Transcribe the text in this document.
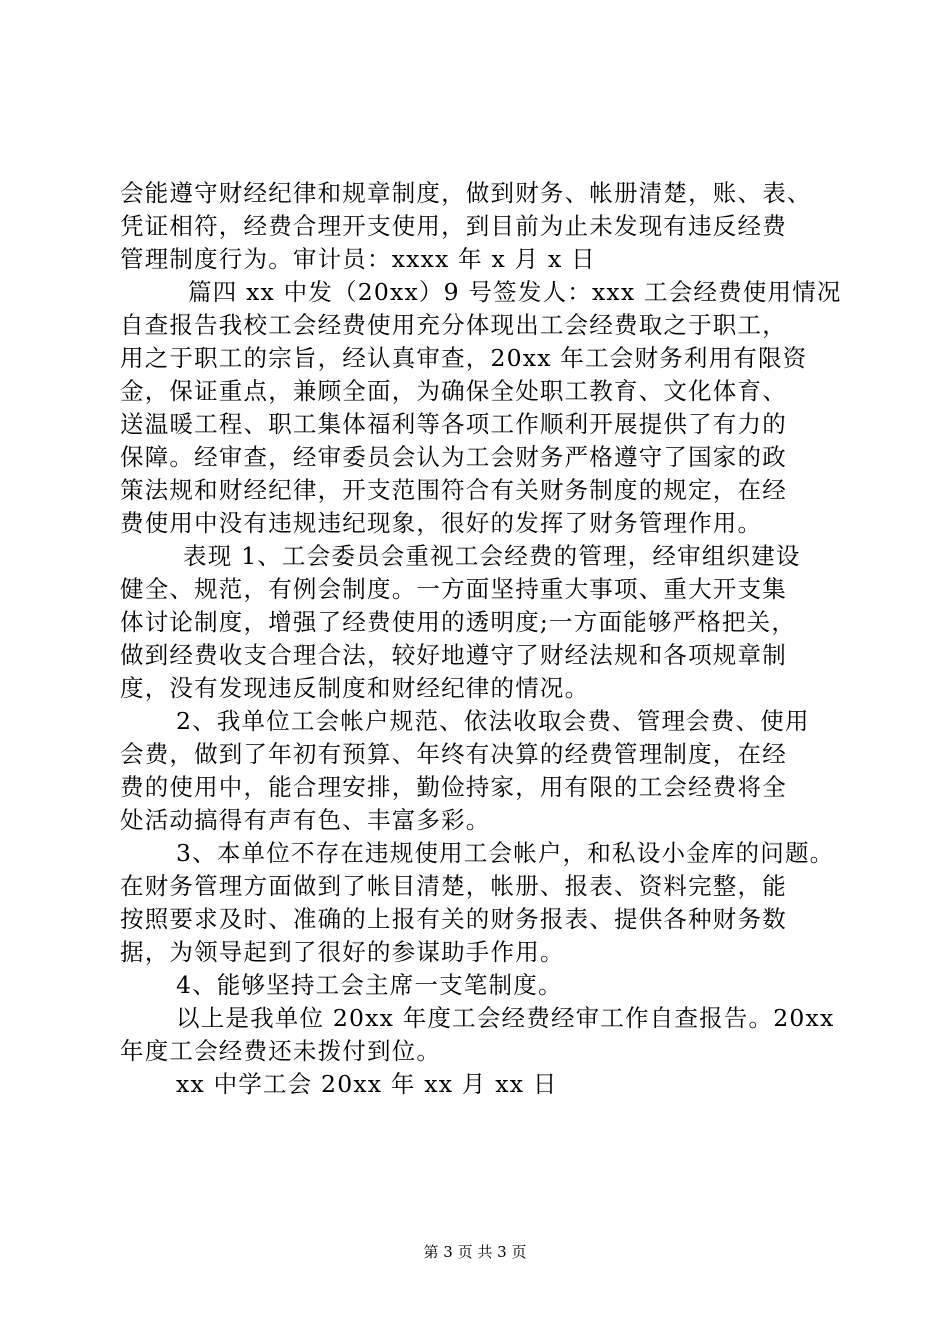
会能遵守财经纪律和规章制度，做到财务、帐册清楚，账、表、
凭证相符，经费合理开支使用，到目前为止未发现有违反经费
管理制度行为。审计员：xxxx 年 x 月 x 日
篇四 xx 中发（20xx）9 号签发人：xxx 工会经费使用情况
自查报告我校工会经费使用充分体现出工会经费取之于职工，
用之于职工的宗旨，经认真审查，20xx 年工会财务利用有限资
金，保证重点，兼顾全面，为确保全处职工教育、文化体育、
送温暖工程、职工集体福利等各项工作顺利开展提供了有力的
保障。经审查，经审委员会认为工会财务严格遵守了国家的政
策法规和财经纪律，开支范围符合有关财务制度的规定，在经
费使用中没有违规违纪现象，很好的发挥了财务管理作用。
表现 1、工会委员会重视工会经费的管理，经审组织建设
健全、规范，有例会制度。一方面坚持重大事项、重大开支集
体讨论制度，增强了经费使用的透明度;一方面能够严格把关，
做到经费收支合理合法，较好地遵守了财经法规和各项规章制
度，没有发现违反制度和财经纪律的情况。
2、我单位工会帐户规范、依法收取会费、管理会费、使用
会费，做到了年初有预算、年终有决算的经费管理制度，在经
费的使用中，能合理安排，勤俭持家，用有限的工会经费将全
处活动搞得有声有色、丰富多彩。
3、本单位不存在违规使用工会帐户，和私设小金库的问题。
在财务管理方面做到了帐目清楚，帐册、报表、资料完整，能
按照要求及时、准确的上报有关的财务报表、提供各种财务数
据，为领导起到了很好的参谋助手作用。
4、能够坚持工会主席一支笔制度。
以上是我单位 20xx 年度工会经费经审工作自查报告。20xx
年度工会经费还未拨付到位。
xx 中学工会 20xx 年 xx 月 xx 日
第 3 页 共 3 页
